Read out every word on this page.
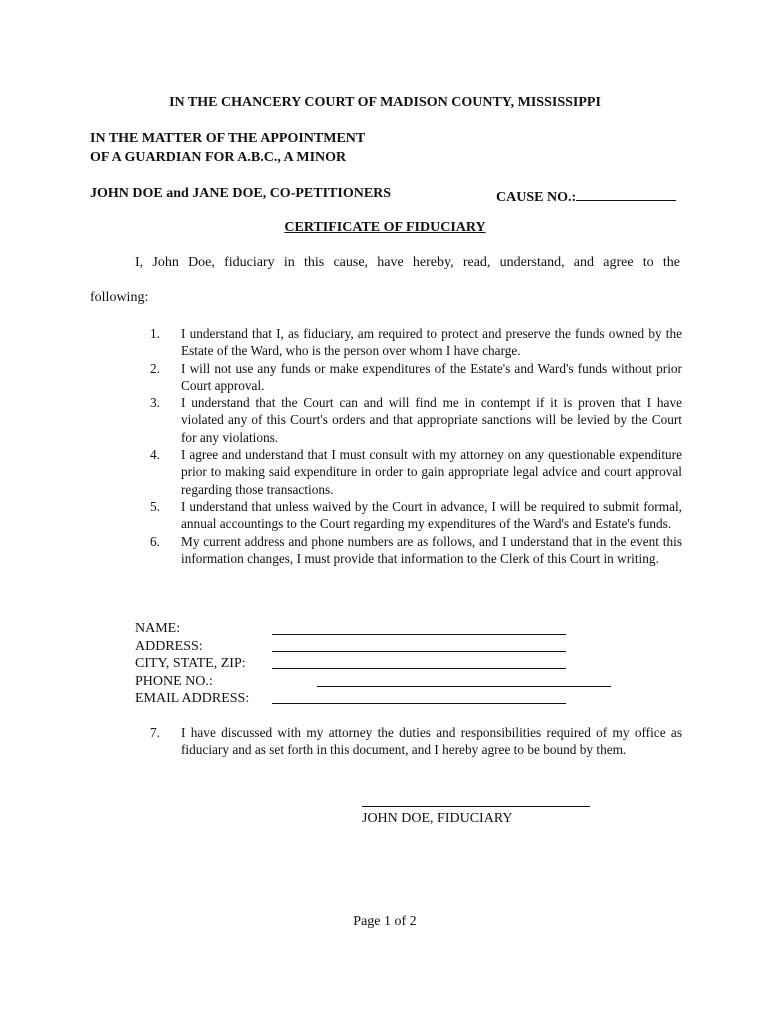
IN THE CHANCERY COURT OF MADISON COUNTY, MISSISSIPPI
IN THE MATTER OF THE APPOINTMENT
OF A GUARDIAN FOR A.B.C., A MINOR
JOHN DOE and JANE DOE, CO-PETITIONERS	CAUSE NO.:
CERTIFICATE OF FIDUCIARY
I, John Doe, fiduciary in this cause, have hereby, read, understand, and agree to the
following:
1.	I understand that I, as fiduciary, am required to protect and preserve the funds owned by the Estate of the Ward, who is the person over whom I have charge.
2.	I will not use any funds or make expenditures of the Estate's and Ward's funds without prior Court approval.
3.	I understand that the Court can and will find me in contempt if it is proven that I have violated any of this Court's orders and that appropriate sanctions will be levied by the Court for any violations.
4.	I agree and understand that I must consult with my attorney on any questionable expenditure prior to making said expenditure in order to gain appropriate legal advice and court approval regarding those transactions.
5.	I understand that unless waived by the Court in advance, I will be required to submit formal, annual accountings to the Court regarding my expenditures of the Ward's and Estate's funds.
6.	My current address and phone numbers are as follows, and I understand that in the event this information changes, I must provide that information to the Clerk of this Court in writing.
NAME:
ADDRESS:
CITY, STATE, ZIP:
PHONE NO.:
EMAIL ADDRESS:
7.	I have discussed with my attorney the duties and responsibilities required of my office as fiduciary and as set forth in this document, and I hereby agree to be bound by them.
JOHN DOE, FIDUCIARY
Page 1 of 2
